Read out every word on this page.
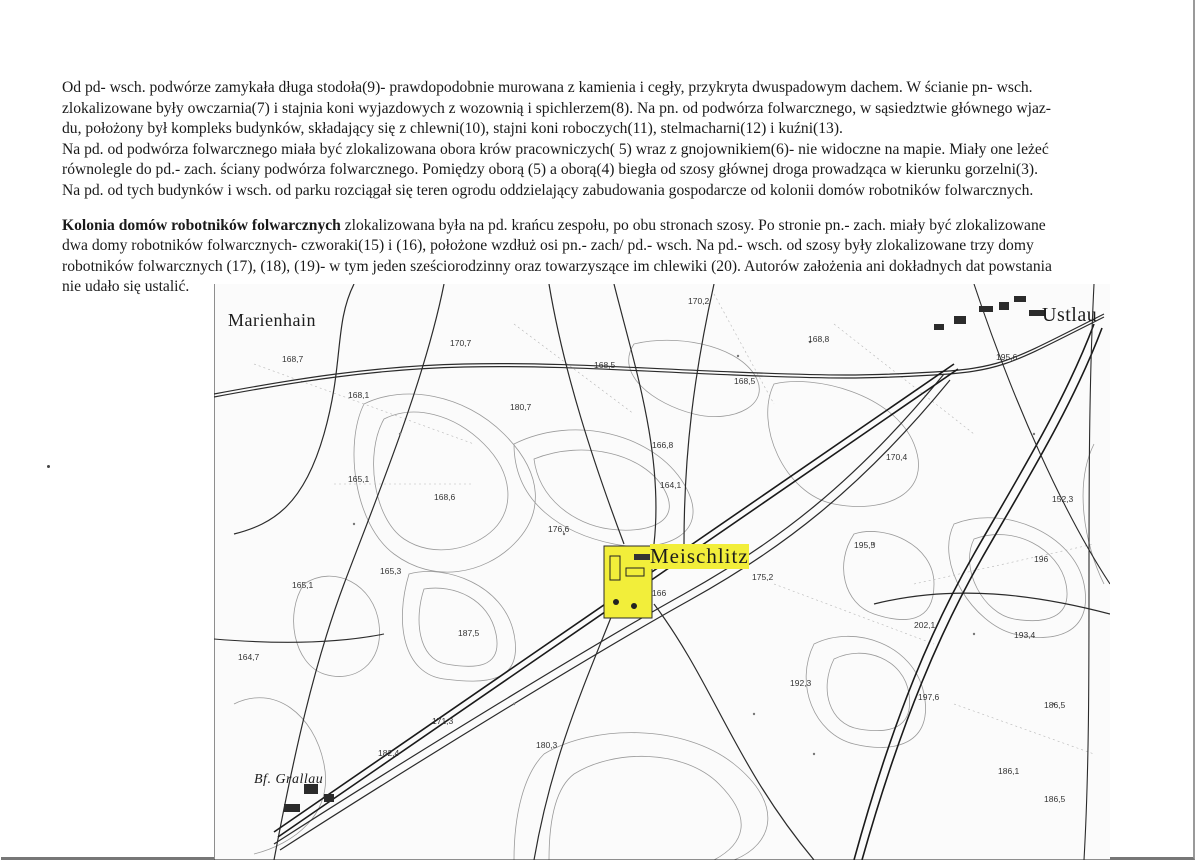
Od pd- wsch. podwórze zamykała długa stodoła(9)- prawdopodobnie murowana z kamienia i cegły, przykryta dwuspadowym dachem. W ścianie pn- wsch.
zlokalizowane były owczarnia(7) i stajnia koni wyjazdowych z wozownią i spichlerzem(8). Na pn. od podwórza folwarcznego, w sąsiedztwie głównego wjaz-
du, położony był kompleks budynków, składający się z chlewni(10), stajni koni roboczych(11), stelmacharni(12) i kuźni(13).
Na pd. od podwórza folwarcznego miała być zlokalizowana obora krów pracowniczych( 5) wraz z gnojownikiem(6)- nie widoczne na mapie. Miały one leżeć
równolegle do pd.- zach. ściany podwórza folwarcznego. Pomiędzy oborą (5) a oborą(4) biegła od szosy głównej droga prowadząca w kierunku gorzelni(3).
Na pd. od tych budynków i wsch. od parku rozciągał się teren ogrodu oddzielający zabudowania gospodarcze od kolonii domów robotników folwarcznych.

Kolonia domów robotników folwarcznych zlokalizowana była na pd. krańcu zespołu, po obu stronach szosy. Po stronie pn.- zach. miały być zlokalizowane
dwa domy robotników folwarcznych- czworaki(15) i (16), położone wzdłuż osi pn.- zach/ pd.- wsch. Na pd.- wsch. od szosy były zlokalizowane trzy domy
robotników folwarcznych (17), (18), (19)- w tym jeden sześciorodzinny oraz towarzyszące im chlewiki (20). Autorów założenia ani dokładnych dat powstania
nie udało się ustalić.

Marienhain	Ustlau
Meischlitz
Bf. Grallau
168,7
170,7
168,1
168,5
168,5
170,2
168,8
180,7
165,1
168,6
166,8
164,1
176,6
170,4
152,3
165,3
175,2
195,5
196
165,1
187,5
202,1
193,4
164,7
192,3
197,6
171,3
186,5
180,3
182,4
186,1
186,5
166
195,6
